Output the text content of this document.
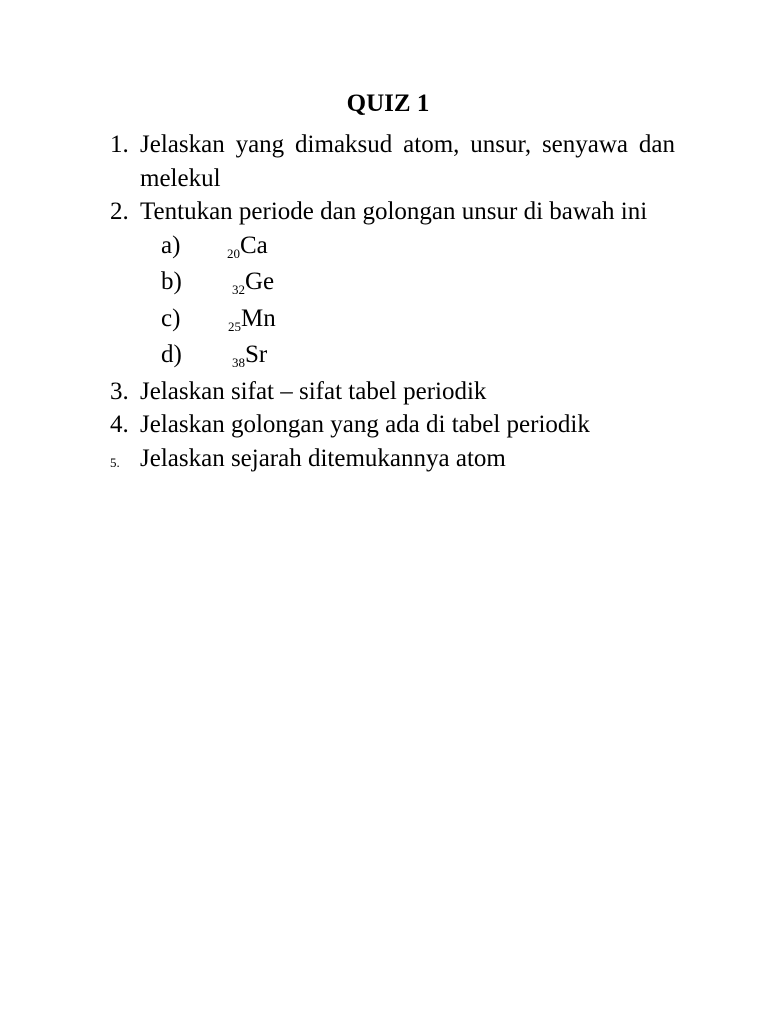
QUIZ 1
1. Jelaskan yang dimaksud atom, unsur, senyawa dan melekul
2. Tentukan periode dan golongan unsur di bawah ini
a)	$_{20}$Ca
b)	$_{32}$Ge
c)	$_{25}$Mn
d)	$_{38}$Sr
3. Jelaskan sifat – sifat tabel periodik
4. Jelaskan golongan yang ada di tabel periodik
5. Jelaskan sejarah ditemukannya atom
